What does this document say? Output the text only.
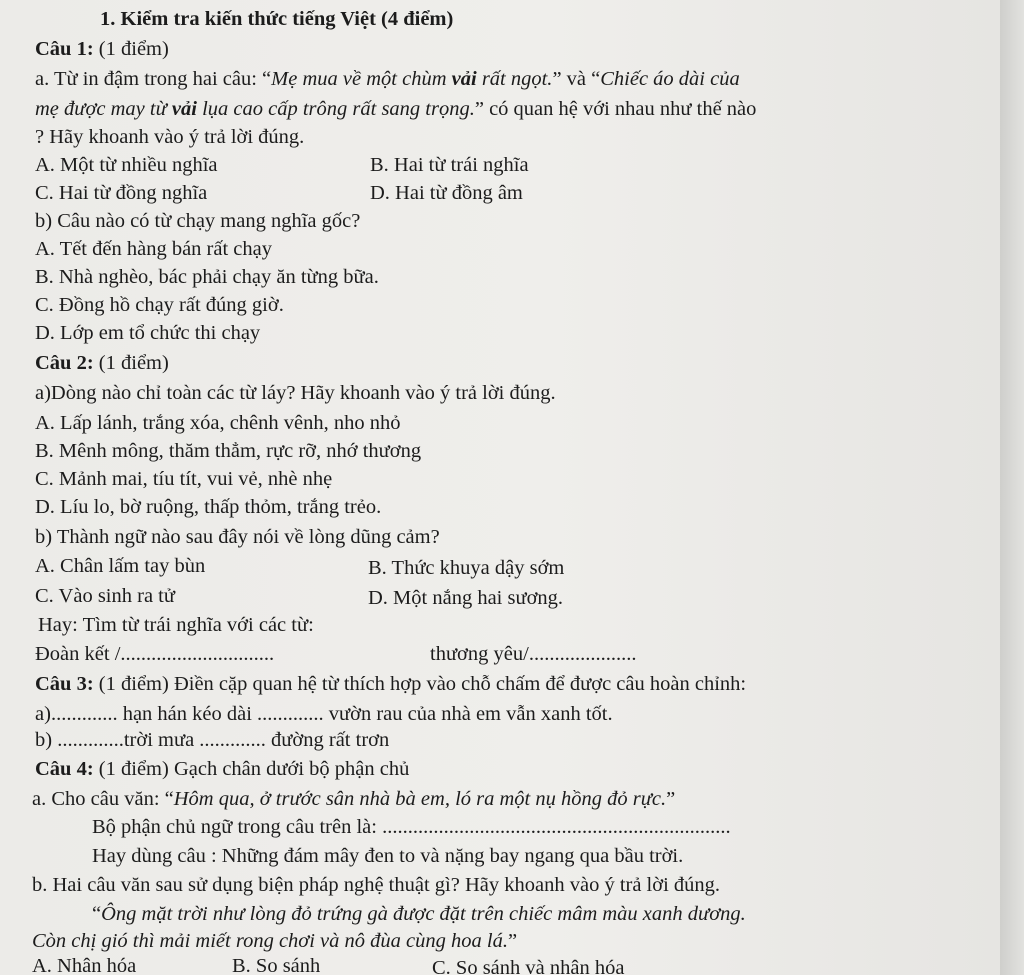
1. Kiểm tra kiến thức tiếng Việt (4 điểm)
Câu 1: (1 điểm)
a. Từ in đậm trong hai câu: “Mẹ mua về một chùm vải rất ngọt.” và “Chiếc áo dài của
mẹ được may từ vải lụa cao cấp trông rất sang trọng.” có quan hệ với nhau như thế nào
? Hãy khoanh vào ý trả lời đúng.
A. Một từ nhiều nghĩa	B. Hai từ trái nghĩa
C. Hai từ đồng nghĩa	D. Hai từ đồng âm
b) Câu nào có từ chạy mang nghĩa gốc?
A. Tết đến hàng bán rất chạy
B. Nhà nghèo, bác phải chạy ăn từng bữa.
C. Đồng hồ chạy rất đúng giờ.
D. Lớp em tổ chức thi chạy
Câu 2: (1 điểm)
a)Dòng nào chỉ toàn các từ láy? Hãy khoanh vào ý trả lời đúng.
A. Lấp lánh, trắng xóa, chênh vênh, nho nhỏ
B. Mênh mông, thăm thẳm, rực rỡ, nhớ thương
C. Mảnh mai, tíu tít, vui vẻ, nhè nhẹ
D. Líu lo, bờ ruộng, thấp thỏm, trắng trẻo.
b) Thành ngữ nào sau đây nói về lòng dũng cảm?
A. Chân lấm tay bùn	B. Thức khuya dậy sớm
C. Vào sinh ra tử	D. Một nắng hai sương.
Hay: Tìm từ trái nghĩa với các từ:
Đoàn kết /..............................	thương yêu/.....................
Câu 3: (1 điểm) Điền cặp quan hệ từ thích hợp vào chỗ chấm để được câu hoàn chỉnh:
a)............. hạn hán kéo dài ............. vườn rau của nhà em vẫn xanh tốt.
b) .............trời mưa ............. đường rất trơn
Câu 4: (1 điểm) Gạch chân dưới bộ phận chủ
a. Cho câu văn: “Hôm qua, ở trước sân nhà bà em, ló ra một nụ hồng đỏ rực.”
Bộ phận chủ ngữ trong câu trên là: ....................................................................
Hay dùng câu : Những đám mây đen to và nặng bay ngang qua bầu trời.
b. Hai câu văn sau sử dụng biện pháp nghệ thuật gì? Hãy khoanh vào ý trả lời đúng.
“Ông mặt trời như lòng đỏ trứng gà được đặt trên chiếc mâm màu xanh dương.
Còn chị gió thì mải miết rong chơi và nô đùa cùng hoa lá.”
A. Nhân hóa	B. So sánh	C. So sánh và nhân hóa
